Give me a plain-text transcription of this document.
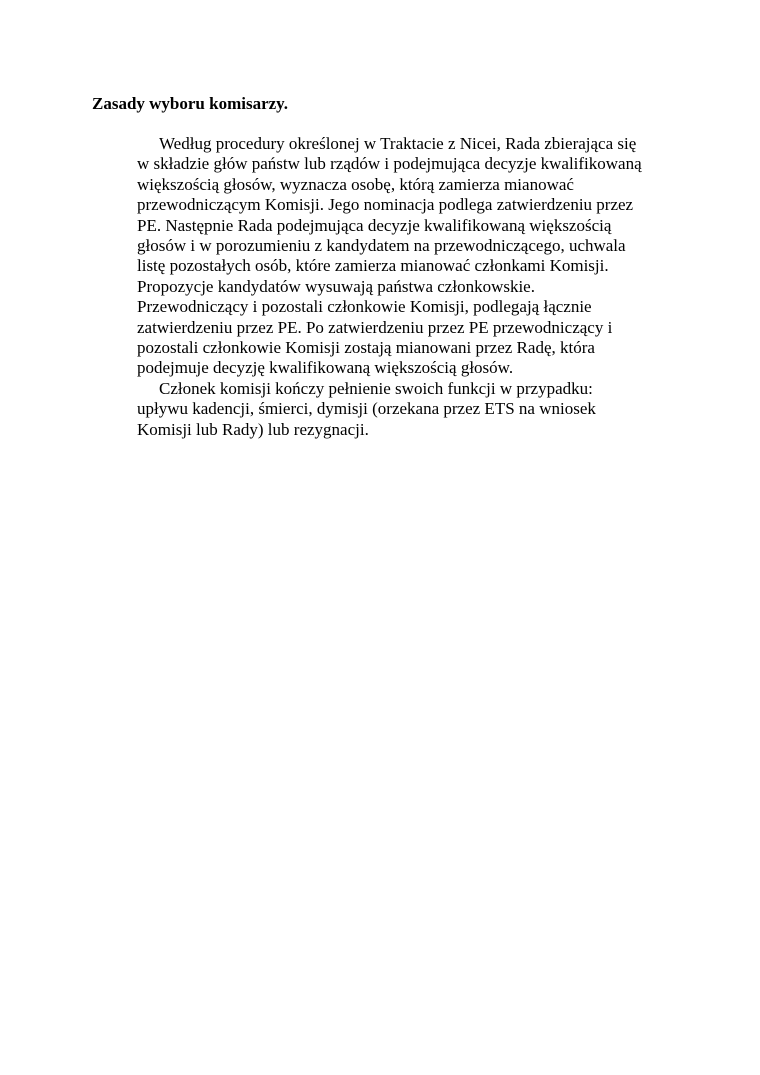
Zasady wyboru komisarzy.
Według procedury określonej w Traktacie z Nicei, Rada zbierająca się
w składzie głów państw lub rządów i podejmująca decyzje kwalifikowaną
większością głosów, wyznacza osobę, którą zamierza mianować
przewodniczącym Komisji. Jego nominacja podlega zatwierdzeniu przez
PE. Następnie Rada podejmująca decyzje kwalifikowaną większością
głosów i w porozumieniu z kandydatem na przewodniczącego, uchwala
listę pozostałych osób, które zamierza mianować członkami Komisji.
Propozycje kandydatów wysuwają państwa członkowskie.
Przewodniczący i pozostali członkowie Komisji, podlegają łącznie
zatwierdzeniu przez PE. Po zatwierdzeniu przez PE przewodniczący i
pozostali członkowie Komisji zostają mianowani przez Radę, która
podejmuje decyzję kwalifikowaną większością głosów.
Członek komisji kończy pełnienie swoich funkcji w przypadku:
upływu kadencji, śmierci, dymisji (orzekana przez ETS na wniosek
Komisji lub Rady) lub rezygnacji.
